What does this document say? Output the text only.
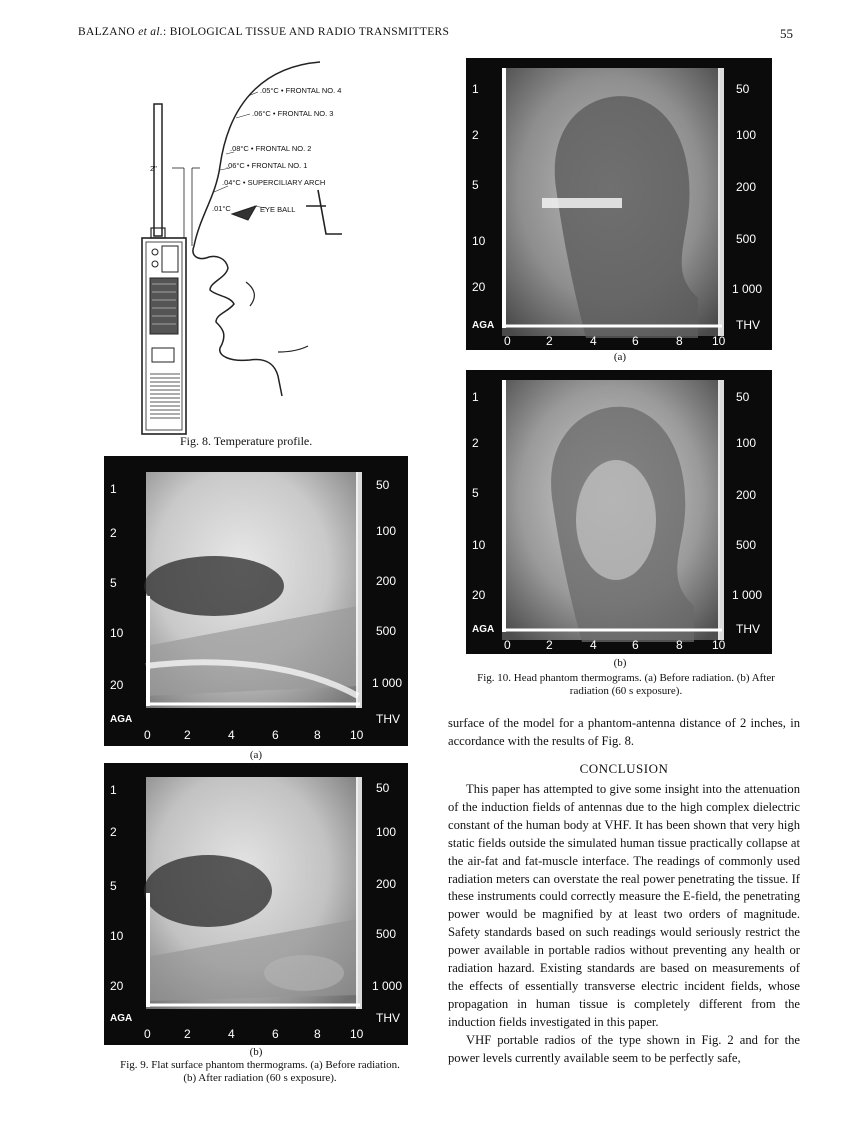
BALZANO et al.: BIOLOGICAL TISSUE AND RADIO TRANSMITTERS	55
.05°C • FRONTAL NO. 4
.06°C • FRONTAL NO. 3
.08°C • FRONTAL NO. 2
.06°C • FRONTAL NO. 1
.04°C • SUPERCILIARY ARCH
.01°C	EYE BALL
2"
Fig. 8. Temperature profile.
1
2
5
10
20
50
100
200
500
1 000
THV
AGA
0	2	4	6	8 10
(a)
1
2
5
10
20
50
100
200
500
1 000
THV
AGA
0	2	4	6	8 10
(b)
Fig. 9. Flat surface phantom thermograms. (a) Before radiation.
(b) After radiation (60 s exposure).
1
2
5
10
20
50
100
200
500
1 000
THV
AGA
0	2	4	6	8 10
(a)
1
2
5
10
20
50
100
200
500
1 000
THV
AGA
0	2	4	6	8 10
(b)
Fig. 10. Head phantom thermograms. (a) Before radiation. (b) After
radiation (60 s exposure).

surface of the model for a phantom-antenna distance of 2 inches, in accordance with the results of Fig. 8.

CONCLUSION

This paper has attempted to give some insight into the attenuation of the induction fields of antennas due to the high complex dielectric constant of the human body at VHF. It has been shown that very high static fields outside the simulated human tissue practically collapse at the air-fat and fat-muscle interface. The readings of commonly used radiation meters can overstate the real power penetrating the tissue. If these instruments could correctly measure the E-field, the penetrating power would be magnified by at least two orders of magnitude. Safety standards based on such readings would seriously restrict the power available in portable radios without preventing any health or radiation hazard. Existing standards are based on measurements of the effects of essentially transverse electric incident fields, whose propagation in human tissue is completely different from the induction fields investigated in this paper.

VHF portable radios of the type shown in Fig. 2 and for the power levels currently available seem to be perfectly safe,
